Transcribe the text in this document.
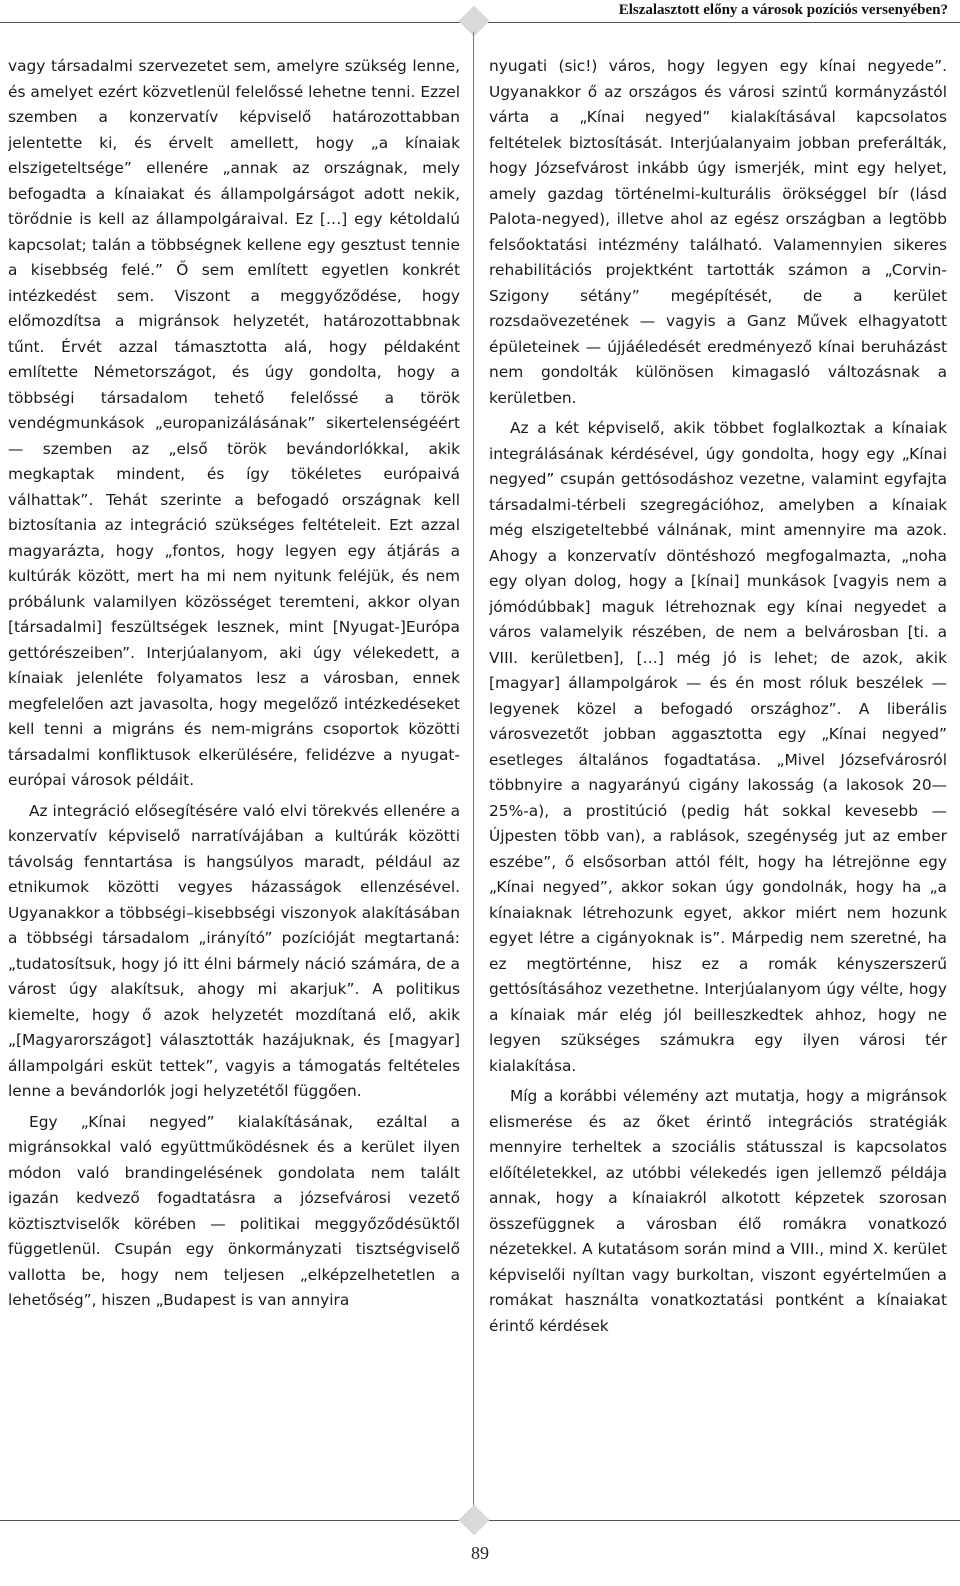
Elszalasztott előny a városok pozíciós versenyében?

vagy társadalmi szervezetet sem, amelyre szükség lenne, és amelyet ezért közvetlenül felelőssé lehetne tenni. Ezzel szemben a konzervatív képviselő határozottabban jelentette ki, és érvelt amellett, hogy „a kínaiak elszigeteltsége” ellenére „annak az országnak, mely befogadta a kínaiakat és állampolgárságot adott nekik, törődnie is kell az állampolgáraival. Ez […] egy kétoldalú kapcsolat; talán a többségnek kellene egy gesztust tennie a kisebbség felé.” Ő sem említett egyetlen konkrét intézkedést sem. Viszont a meggyőződése, hogy előmozdítsa a migránsok helyzetét, határozottabbnak tűnt. Érvét azzal támasztotta alá, hogy példaként említette Németországot, és úgy gondolta, hogy a többségi társadalom tehető felelőssé a török vendégmunkások „europanizálásának” sikertelenségéért — szemben az „első török bevándorlókkal, akik megkaptak mindent, és így tökéletes európaivá válhattak”. Tehát szerinte a befogadó országnak kell biztosítania az integráció szükséges feltételeit. Ezt azzal magyarázta, hogy „fontos, hogy legyen egy átjárás a kultúrák között, mert ha mi nem nyitunk feléjük, és nem próbálunk valamilyen közösséget teremteni, akkor olyan [társadalmi] feszültségek lesznek, mint [Nyugat-]Európa gettórészeiben”. Interjúalanyom, aki úgy vélekedett, a kínaiak jelenléte folyamatos lesz a városban, ennek megfelelően azt javasolta, hogy megelőző intézkedéseket kell tenni a migráns és nem-migráns csoportok közötti társadalmi konfliktusok elkerülésére, felidézve a nyugat-európai városok példáit.

Az integráció elősegítésére való elvi törekvés ellenére a konzervatív képviselő narratívájában a kultúrák közötti távolság fenntartása is hangsúlyos maradt, például az etnikumok közötti vegyes házasságok ellenzésével. Ugyanakkor a többségi–kisebbségi viszonyok alakításában a többségi társadalom „irányító” pozícióját megtartaná: „tudatosítsuk, hogy jó itt élni bármely náció számára, de a várost úgy alakítsuk, ahogy mi akarjuk”. A politikus kiemelte, hogy ő azok helyzetét mozdítaná elő, akik „[Magyarországot] választották hazájuknak, és [magyar] állampolgári esküt tettek”, vagyis a támogatás feltételes lenne a bevándorlók jogi helyzetétől függően.

Egy „Kínai negyed” kialakításának, ezáltal a migránsokkal való együttműködésnek és a kerület ilyen módon való brandingelésének gondolata nem talált igazán kedvező fogadtatásra a józsefvárosi vezető köztisztviselők körében — politikai meggyőződésüktől függetlenül. Csupán egy önkormányzati tisztségviselő vallotta be, hogy nem teljesen „elképzelhetetlen a lehetőség”, hiszen „Budapest is van annyira

nyugati (sic!) város, hogy legyen egy kínai negyede”. Ugyanakkor ő az országos és városi szintű kormányzástól várta a „Kínai negyed” kialakításával kapcsolatos feltételek biztosítását. Interjúalanyaim jobban preferálták, hogy Józsefvárost inkább úgy ismerjék, mint egy helyet, amely gazdag történelmi-kulturális örökséggel bír (lásd Palota-negyed), illetve ahol az egész országban a legtöbb felsőoktatási intézmény található. Valamennyien sikeres rehabilitációs projektként tartották számon a „Corvin-Szigony sétány” megépítését, de a kerület rozsdaövezetének — vagyis a Ganz Művek elhagyatott épületeinek — újjáéledését eredményező kínai beruházást nem gondolták különösen kimagasló változásnak a kerületben.

Az a két képviselő, akik többet foglalkoztak a kínaiak integrálásának kérdésével, úgy gondolta, hogy egy „Kínai negyed” csupán gettósodáshoz vezetne, valamint egyfajta társadalmi-térbeli szegregációhoz, amelyben a kínaiak még elszigeteltebbé válnának, mint amennyire ma azok. Ahogy a konzervatív döntéshozó megfogalmazta, „noha egy olyan dolog, hogy a [kínai] munkások [vagyis nem a jómódúbbak] maguk létrehoznak egy kínai negyedet a város valamelyik részében, de nem a belvárosban [ti. a VIII. kerületben], […] még jó is lehet; de azok, akik [magyar] állampolgárok — és én most róluk beszélek — legyenek közel a befogadó országhoz”. A liberális városvezetőt jobban aggasztotta egy „Kínai negyed” esetleges általános fogadtatása. „Mivel Józsefvárosról többnyire a nagyarányú cigány lakosság (a lakosok 20—25%-a), a prostitúció (pedig hát sokkal kevesebb — Újpesten több van), a rablások, szegénység jut az ember eszébe”, ő elsősorban attól félt, hogy ha létrejönne egy „Kínai negyed”, akkor sokan úgy gondolnák, hogy ha „a kínaiaknak létrehozunk egyet, akkor miért nem hozunk egyet létre a cigányoknak is”. Márpedig nem szeretné, ha ez megtörténne, hisz ez a romák kényszerszerű gettósításához vezethetne. Interjúalanyom úgy vélte, hogy a kínaiak már elég jól beilleszkedtek ahhoz, hogy ne legyen szükséges számukra egy ilyen városi tér kialakítása.

Míg a korábbi vélemény azt mutatja, hogy a migránsok elismerése és az őket érintő integrációs stratégiák mennyire terheltek a szociális státusszal is kapcsolatos előítéletekkel, az utóbbi vélekedés igen jellemző példája annak, hogy a kínaiakról alkotott képzetek szorosan összefüggnek a városban élő romákra vonatkozó nézetekkel. A kutatásom során mind a VIII., mind X. kerület képviselői nyíltan vagy burkoltan, viszont egyértelműen a romákat használta vonatkoztatási pontként a kínaiakat érintő kérdések

89
